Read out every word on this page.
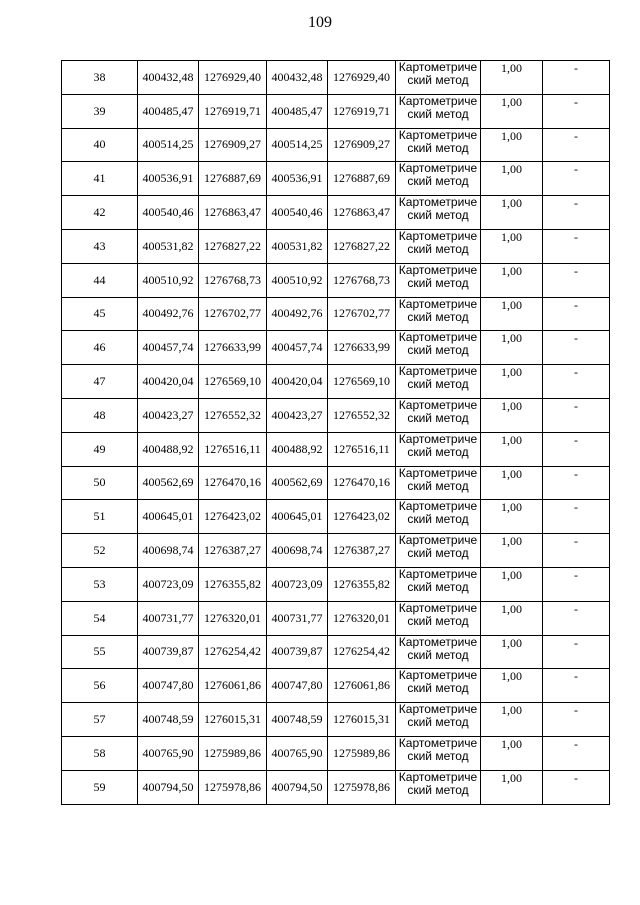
109
38	400432,48	1276929,40	400432,48	1276929,40	Картометриче ский метод	1,00	-
39	400485,47	1276919,71	400485,47	1276919,71	Картометриче ский метод	1,00	-
40	400514,25	1276909,27	400514,25	1276909,27	Картометриче ский метод	1,00	-
41	400536,91	1276887,69	400536,91	1276887,69	Картометриче ский метод	1,00	-
42	400540,46	1276863,47	400540,46	1276863,47	Картометриче ский метод	1,00	-
43	400531,82	1276827,22	400531,82	1276827,22	Картометриче ский метод	1,00	-
44	400510,92	1276768,73	400510,92	1276768,73	Картометриче ский метод	1,00	-
45	400492,76	1276702,77	400492,76	1276702,77	Картометриче ский метод	1,00	-
46	400457,74	1276633,99	400457,74	1276633,99	Картометриче ский метод	1,00	-
47	400420,04	1276569,10	400420,04	1276569,10	Картометриче ский метод	1,00	-
48	400423,27	1276552,32	400423,27	1276552,32	Картометриче ский метод	1,00	-
49	400488,92	1276516,11	400488,92	1276516,11	Картометриче ский метод	1,00	-
50	400562,69	1276470,16	400562,69	1276470,16	Картометриче ский метод	1,00	-
51	400645,01	1276423,02	400645,01	1276423,02	Картометриче ский метод	1,00	-
52	400698,74	1276387,27	400698,74	1276387,27	Картометриче ский метод	1,00	-
53	400723,09	1276355,82	400723,09	1276355,82	Картометриче ский метод	1,00	-
54	400731,77	1276320,01	400731,77	1276320,01	Картометриче ский метод	1,00	-
55	400739,87	1276254,42	400739,87	1276254,42	Картометриче ский метод	1,00	-
56	400747,80	1276061,86	400747,80	1276061,86	Картометриче ский метод	1,00	-
57	400748,59	1276015,31	400748,59	1276015,31	Картометриче ский метод	1,00	-
58	400765,90	1275989,86	400765,90	1275989,86	Картометриче ский метод	1,00	-
59	400794,50	1275978,86	400794,50	1275978,86	Картометриче ский метод	1,00	-
